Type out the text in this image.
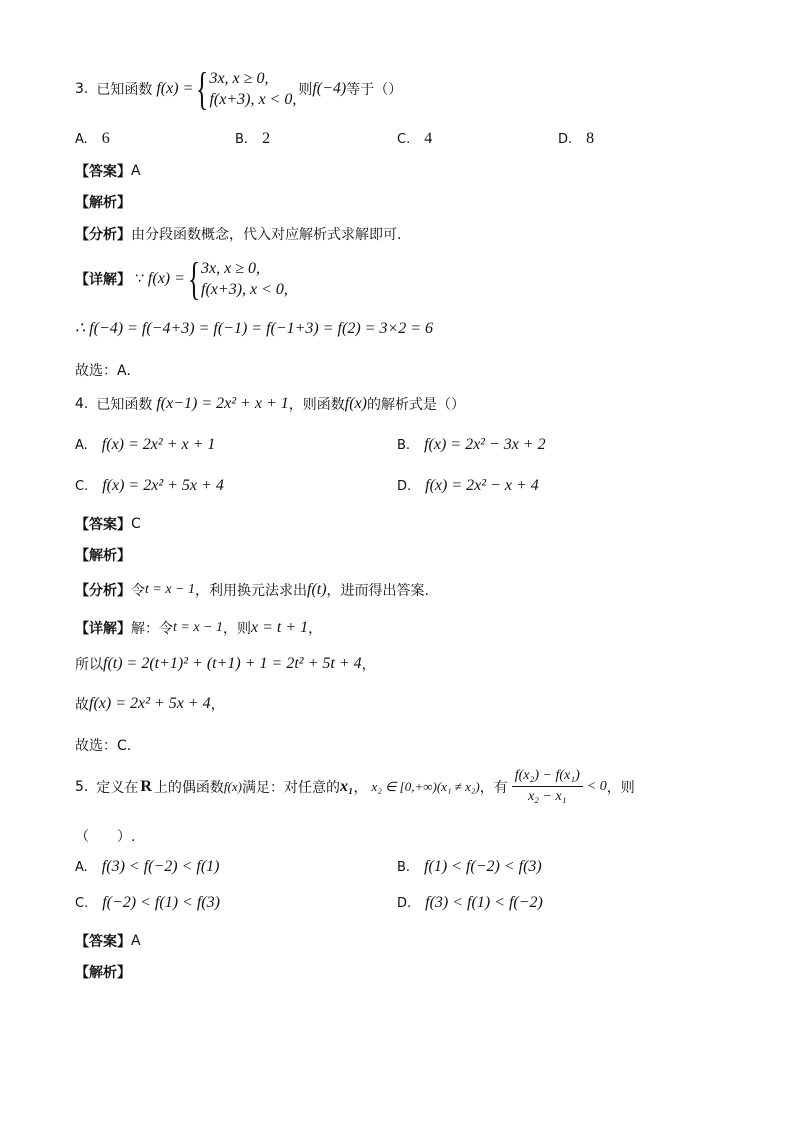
3. 已知函数 f(x) = { 3x, x ≥ 0,
f(x+3), x < 0,
则 f(−4) 等于（）
A. 6	B. 2	C. 4	D. 8
【答案】 A
【解析】
【分析】 由分段函数概念，代入对应解析式求解即可.
【详解】 ∵ f(x) = { 3x, x ≥ 0,
f(x+3), x < 0,
∴ f(−4) = f(−4+3) = f(−1) = f(−1+3) = f(2) = 3×2 = 6
故选：A.
4. 已知函数 f(x−1) = 2x² + x + 1 ，则函数 f(x) 的解析式是（）
A. f(x) = 2x² + x + 1	B. f(x) = 2x² − 3x + 2
C. f(x) = 2x² + 5x + 4	D. f(x) = 2x² − x + 4
【答案】 C
【解析】
【分析】 令 t = x − 1 ，利用换元法求出 f(t) ，进而得出答案.
【详解】 解：令 t = x − 1 ，则 x = t + 1 ，
所以 f(t) = 2(t+1)² + (t+1) + 1 = 2t² + 5t + 4 ，
故 f(x) = 2x² + 5x + 4 ，
故选：C.
5. 定义在 R 上的偶函数 f(x) 满足：对任意的 x₁ ， x₂ ∈ [0,+∞)(x₁ ≠ x₂) ，有 $\frac{\text{f(x₂) − f(x₁)}}{\text{x₂ − x₁}} < 0$ ，则
（　　）.
A. f(3) < f(−2) < f(1)	B. f(1) < f(−2) < f(3)
C. f(−2) < f(1) < f(3)	D. f(3) < f(1) < f(−2)
【答案】 A
【解析】
